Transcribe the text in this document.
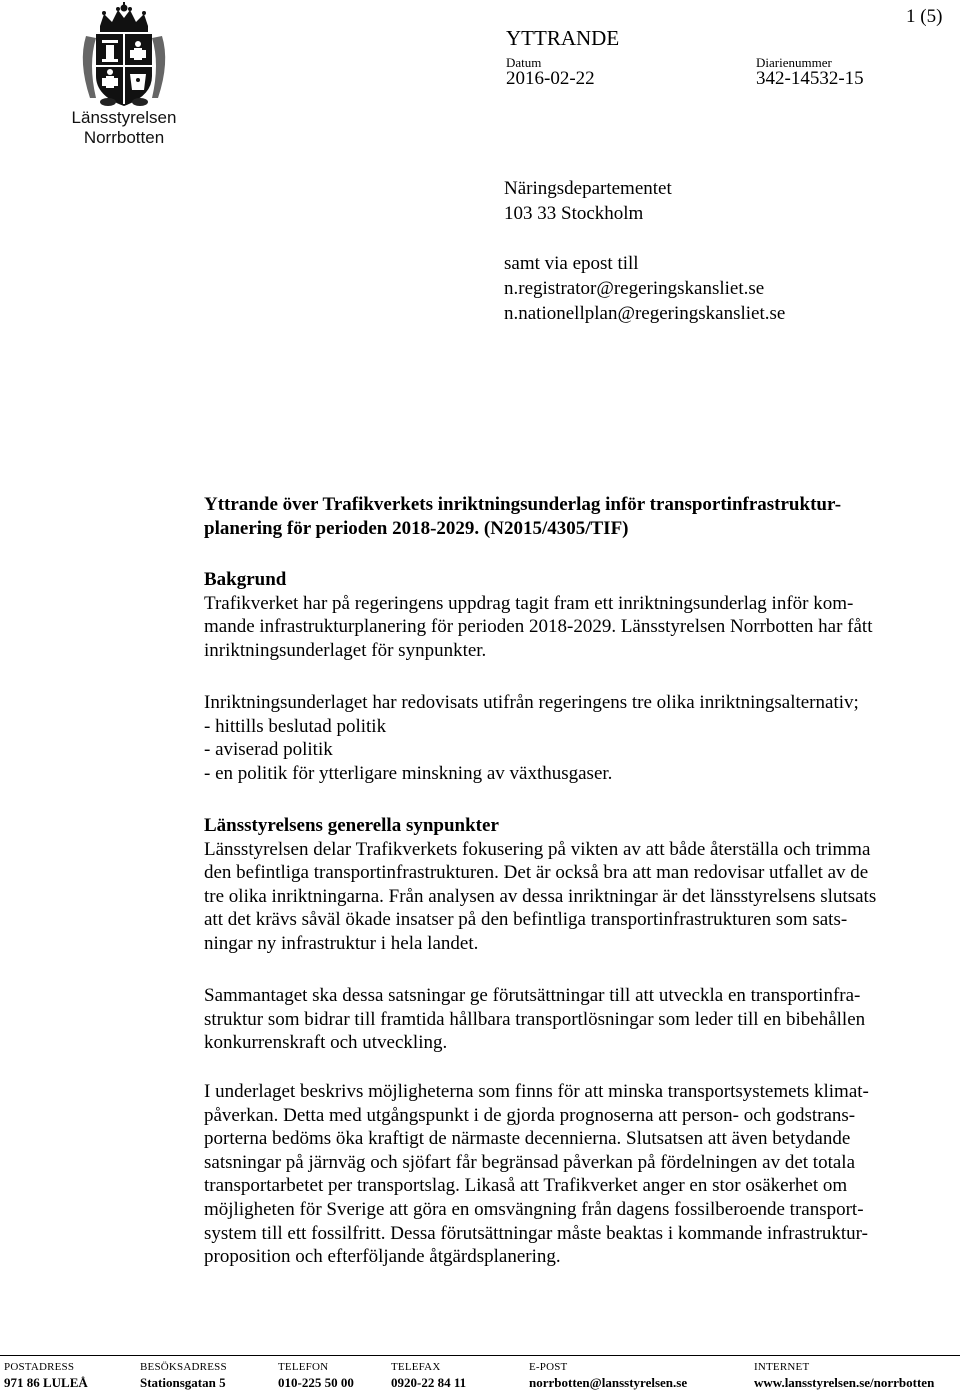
Länsstyrelsen
Norrbotten
YTTRANDE
Datum
2016-02-22
Diarienummer
342-14532-15
1 (5)
Näringsdepartementet
103 33 Stockholm
samt via epost till
n.registrator@regeringskansliet.se
n.nationellplan@regeringskansliet.se
Yttrande över Trafikverkets inriktningsunderlag inför transportinfrastruktur-
planering för perioden 2018-2029. (N2015/4305/TIF)
Bakgrund
Trafikverket har på regeringens uppdrag tagit fram ett inriktningsunderlag inför kom-
mande infrastrukturplanering för perioden 2018-2029. Länsstyrelsen Norrbotten har fått
inriktningsunderlaget för synpunkter.
Inriktningsunderlaget har redovisats utifrån regeringens tre olika inriktningsalternativ;
- hittills beslutad politik
- aviserad politik
- en politik för ytterligare minskning av växthusgaser.
Länsstyrelsens generella synpunkter
Länsstyrelsen delar Trafikverkets fokusering på vikten av att både återställa och trimma
den befintliga transportinfrastrukturen. Det är också bra att man redovisar utfallet av de
tre olika inriktningarna. Från analysen av dessa inriktningar är det länsstyrelsens slutsats
att det krävs såväl ökade insatser på den befintliga transportinfrastrukturen som sats-
ningar ny infrastruktur i hela landet.
Sammantaget ska dessa satsningar ge förutsättningar till att utveckla en transportinfra-
struktur som bidrar till framtida hållbara transportlösningar som leder till en bibehållen
konkurrenskraft och utveckling.
I underlaget beskrivs möjligheterna som finns för att minska transportsystemets klimat-
påverkan. Detta med utgångspunkt i de gjorda prognoserna att person- och godstrans-
porterna bedöms öka kraftigt de närmaste decennierna. Slutsatsen att även betydande
satsningar på järnväg och sjöfart får begränsad påverkan på fördelningen av det totala
transportarbetet per transportslag. Likaså att Trafikverket anger en stor osäkerhet om
möjligheten för Sverige att göra en omsvängning från dagens fossilberoende transport-
system till ett fossilfritt. Dessa förutsättningar måste beaktas i kommande infrastruktur-
proposition och efterföljande åtgärdsplanering.
POSTADRESS
971 86 LULEÅ
BESÖKSADRESS
Stationsgatan 5
TELEFON
010-225 50 00
TELEFAX
0920-22 84 11
E-POST
norrbotten@lansstyrelsen.se
INTERNET
www.lansstyrelsen.se/norrbotten
